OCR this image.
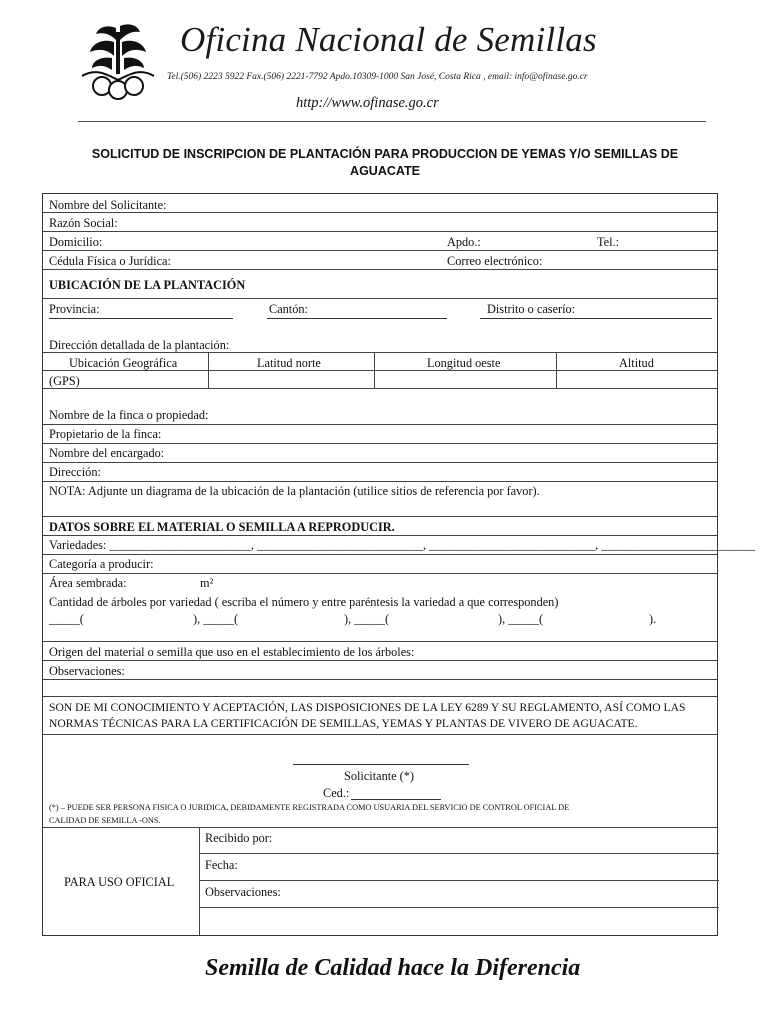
Oficina Nacional de Semillas
Tel.(506) 2223 5922 Fax.(506) 2221-7792 Apdo.10309-1000 San José, Costa Rica , email: info@ofinase.go.cr
http://www.ofinase.go.cr
SOLICITUD DE INSCRIPCION DE PLANTACIÓN PARA PRODUCCION DE YEMAS Y/O SEMILLAS DE
AGUACATE
Nombre del Solicitante:
Razón Social:
Domicilio:	Apdo.:	Tel.:
Cédula Física o Jurídica:	Correo electrónico:
UBICACIÓN DE LA PLANTACIÓN
Provincia:	Cantón:	Distrito o caserío:
Dirección detallada de la plantación:
Ubicación Geográfica	Latitud norte	Longitud oeste	Altitud
(GPS)
Nombre de la finca o propiedad:
Propietario de la finca:
Nombre del encargado:
Dirección:
NOTA: Adjunte un diagrama de la ubicación de la plantación (utilice sitios de referencia por favor).
DATOS SOBRE EL MATERIAL O SEMILLA A REPRODUCIR.
Variedades: _______________________, ___________________________, ___________________________, _________________________
Categoría a producir:
Área sembrada:	m²
Cantidad de árboles por variedad ( escriba el número y entre paréntesis la variedad a que corresponden)
_____(	), _____(	), _____(	), _____(	).
Origen del material o semilla que uso en el establecimiento de los árboles:
Observaciones:
SON DE MI CONOCIMIENTO Y ACEPTACIÓN, LAS DISPOSICIONES DE LA LEY 6289 Y SU REGLAMENTO, ASÍ COMO LAS
NORMAS TÉCNICAS PARA LA CERTIFICACIÓN DE SEMILLAS, YEMAS Y PLANTAS DE VIVERO DE AGUACATE.
Solicitante (*)
Ced.:
(*) – PUEDE SER PERSONA FISICA O JURIDICA, DEBIDAMENTE REGISTRADA COMO USUARIA DEL SERVICIO DE CONTROL OFICIAL DE
CALIDAD DE SEMILLA -ONS.
PARA USO OFICIAL
Recibido por:
Fecha:
Observaciones:
Semilla de Calidad hace la Diferencia
